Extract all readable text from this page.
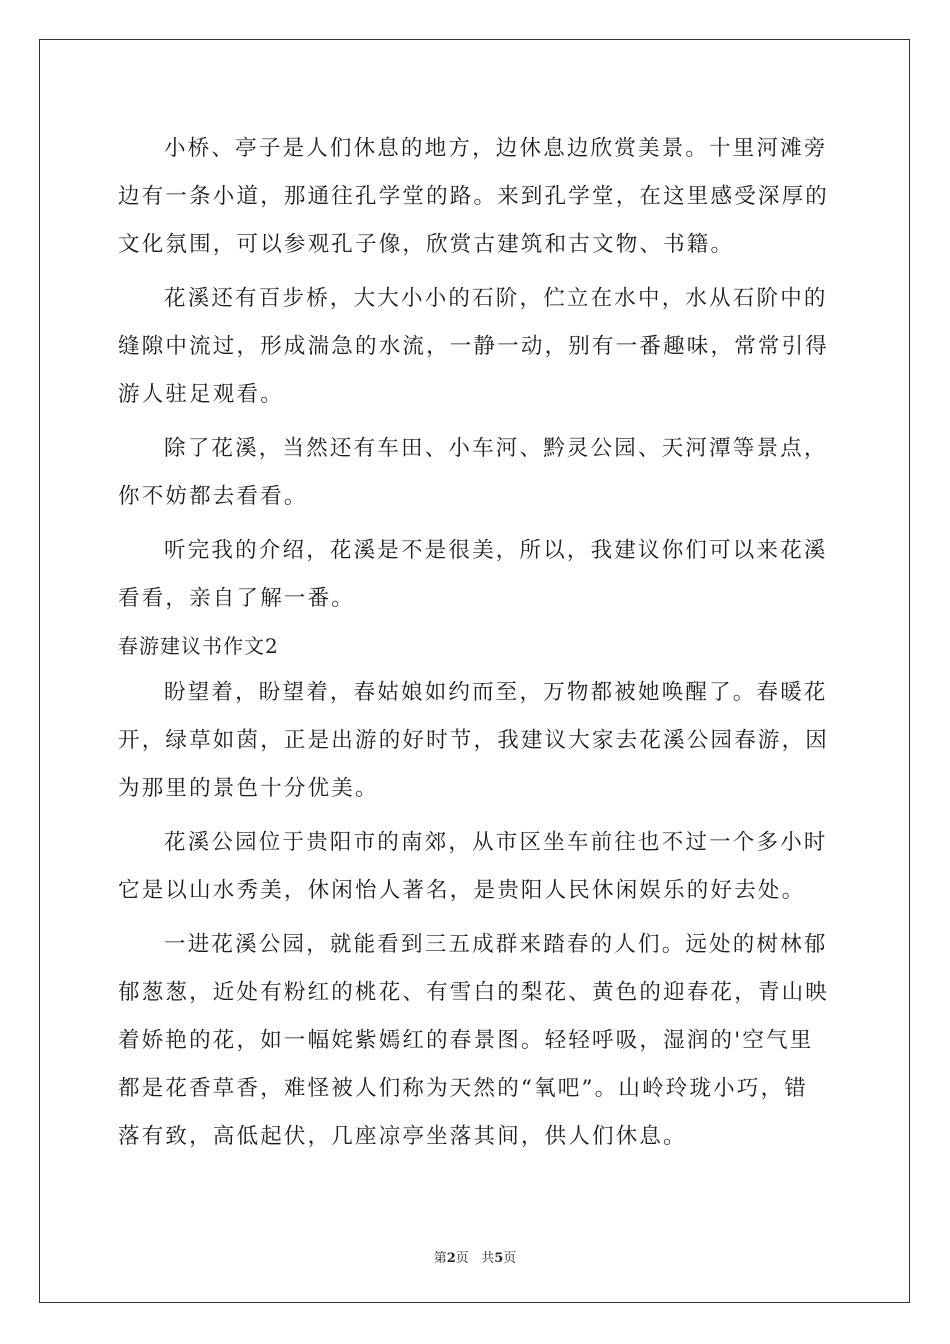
小桥、亭子是人们休息的地方，边休息边欣赏美景。十里河滩旁
边有一条小道，那通往孔学堂的路。来到孔学堂，在这里感受深厚的
文化氛围，可以参观孔子像，欣赏古建筑和古文物、书籍。
花溪还有百步桥，大大小小的石阶，伫立在水中，水从石阶中的
缝隙中流过，形成湍急的水流，一静一动，别有一番趣味，常常引得
游人驻足观看。
除了花溪，当然还有车田、小车河、黔灵公园、天河潭等景点，
你不妨都去看看。
听完我的介绍，花溪是不是很美，所以，我建议你们可以来花溪
看看，亲自了解一番。
春游建议书作文2
盼望着，盼望着，春姑娘如约而至，万物都被她唤醒了。春暖花
开，绿草如茵，正是出游的好时节，我建议大家去花溪公园春游，因
为那里的景色十分优美。
花溪公园位于贵阳市的南郊，从市区坐车前往也不过一个多小时
它是以山水秀美，休闲怡人著名，是贵阳人民休闲娱乐的好去处。
一进花溪公园，就能看到三五成群来踏春的人们。远处的树林郁
郁葱葱，近处有粉红的桃花、有雪白的梨花、黄色的迎春花，青山映
着娇艳的花，如一幅姹紫嫣红的春景图。轻轻呼吸，湿润的'空气里
都是花香草香，难怪被人们称为天然的“氧吧”。山岭玲珑小巧，错
落有致，高低起伏，几座凉亭坐落其间，供人们休息。
第2页 共5页
